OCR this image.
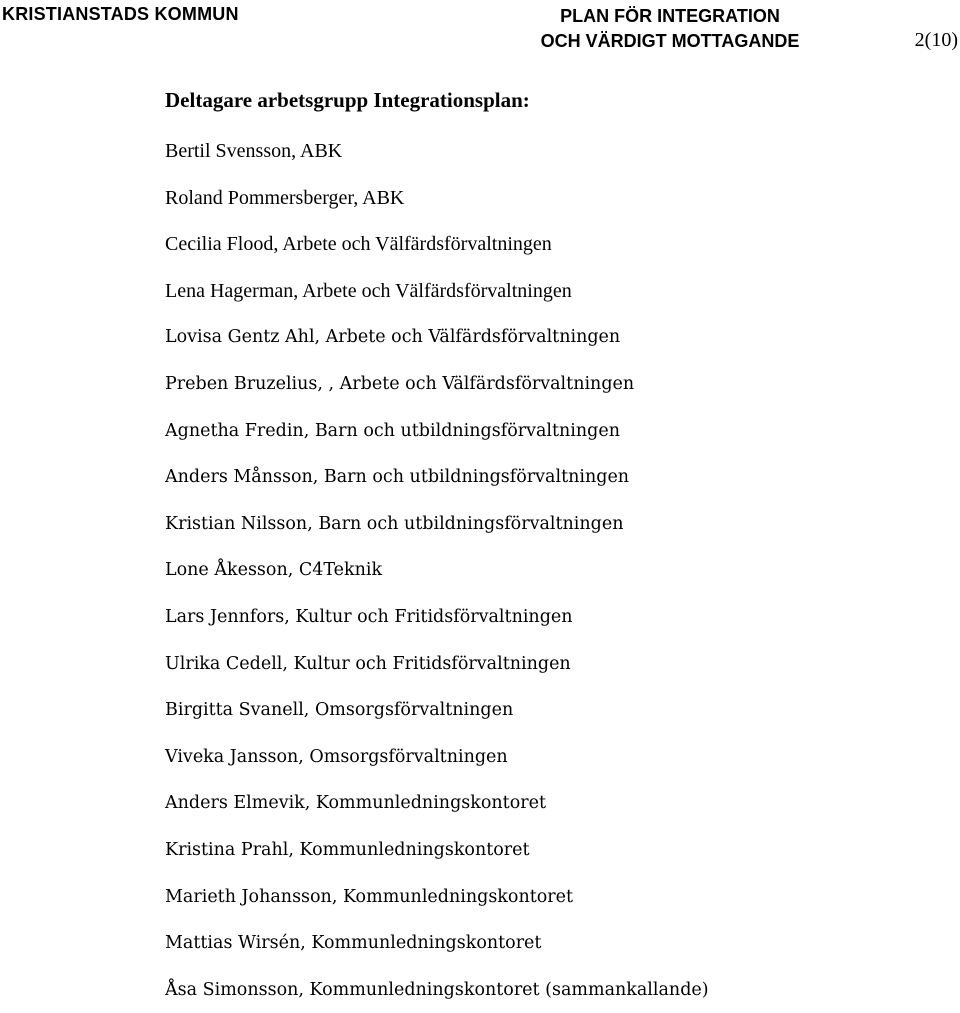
KRISTIANSTADS KOMMUN	PLAN FÖR INTEGRATION
OCH VÄRDIGT MOTTAGANDE	2(10)
Deltagare arbetsgrupp Integrationsplan:
Bertil Svensson, ABK
Roland Pommersberger, ABK
Cecilia Flood, Arbete och Välfärdsförvaltningen
Lena Hagerman, Arbete och Välfärdsförvaltningen
Lovisa Gentz Ahl, Arbete och Välfärdsförvaltningen
Preben Bruzelius, , Arbete och Välfärdsförvaltningen
Agnetha Fredin, Barn och utbildningsförvaltningen
Anders Månsson, Barn och utbildningsförvaltningen
Kristian Nilsson, Barn och utbildningsförvaltningen
Lone Åkesson, C4Teknik
Lars Jennfors, Kultur och Fritidsförvaltningen
Ulrika Cedell, Kultur och Fritidsförvaltningen
Birgitta Svanell, Omsorgsförvaltningen
Viveka Jansson, Omsorgsförvaltningen
Anders Elmevik, Kommunledningskontoret
Kristina Prahl, Kommunledningskontoret
Marieth Johansson, Kommunledningskontoret
Mattias Wirsén, Kommunledningskontoret
Åsa Simonsson, Kommunledningskontoret (sammankallande)
